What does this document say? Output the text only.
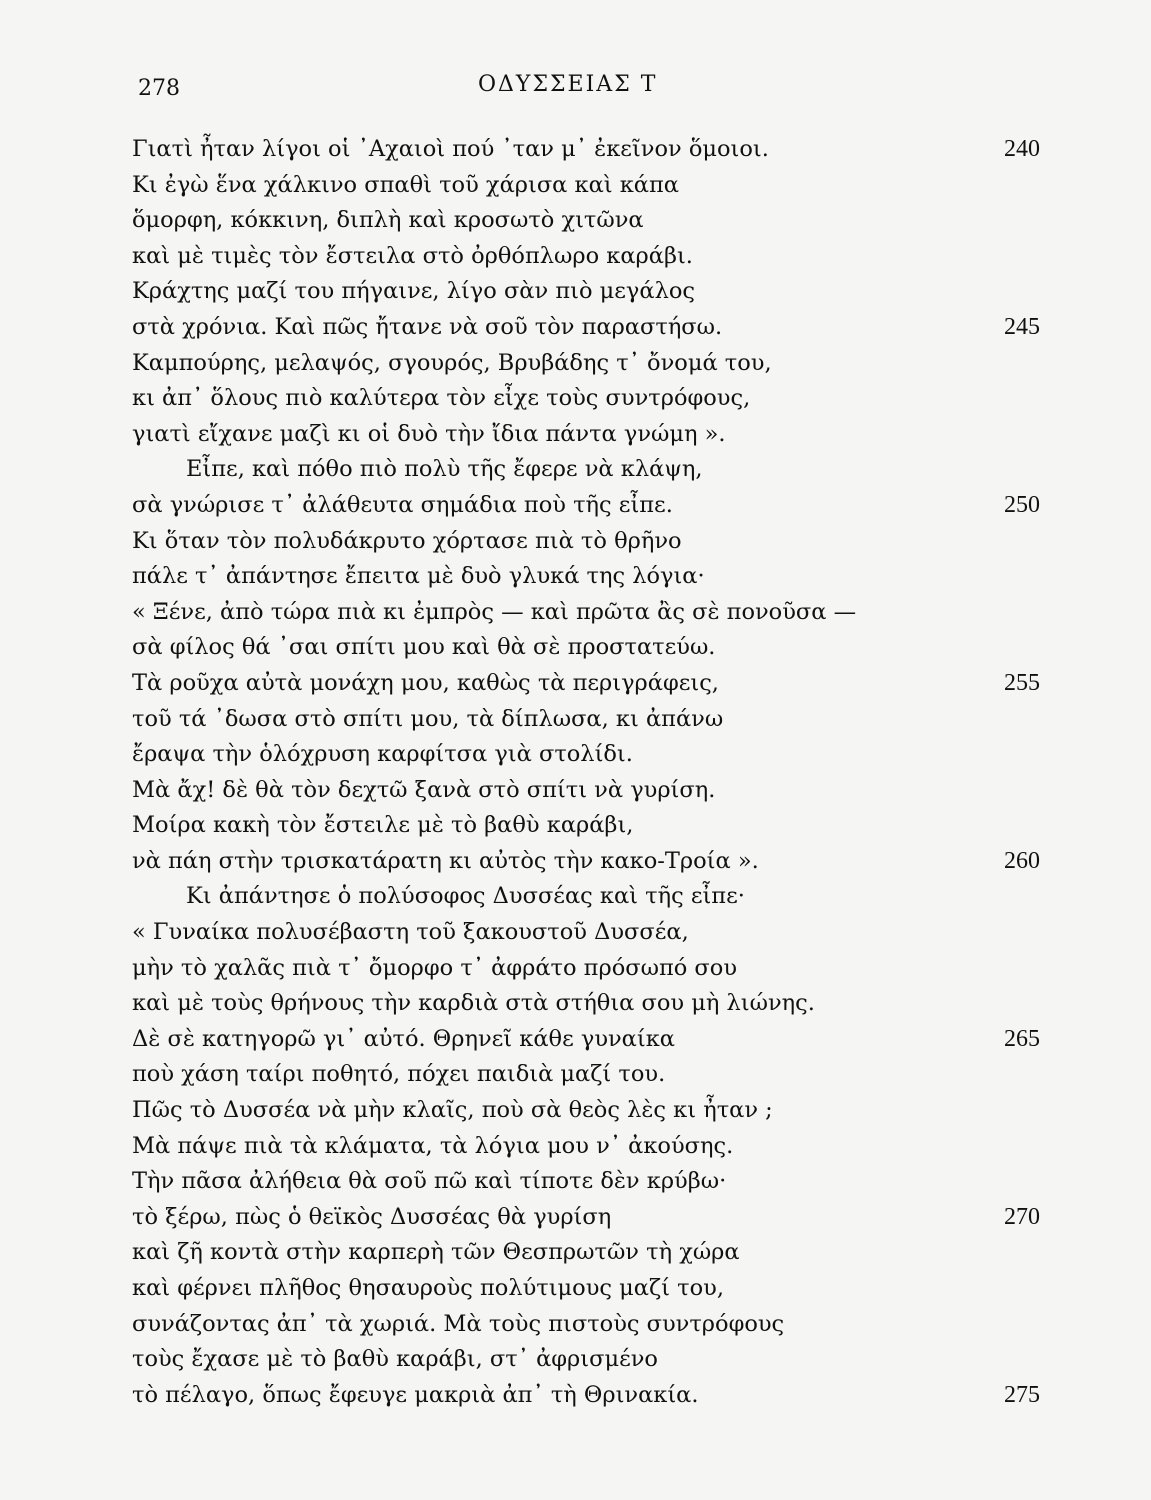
278	ΟΔΥΣΣΕΙΑΣ Τ
Γιατὶ ἦταν λίγοι οἱ ᾿Αχαιοὶ πού ᾿ταν μ᾿ ἐκεῖνον ὅμοιοι.	240
Κι ἐγὼ ἕνα χάλκινο σπαθὶ τοῦ χάρισα καὶ κάπα
ὅμορφη, κόκκινη, διπλὴ καὶ κροσωτὸ χιτῶνα
καὶ μὲ τιμὲς τὸν ἔστειλα στὸ ὀρθόπλωρο καράβι.
Κράχτης μαζί του πήγαινε, λίγο σὰν πιὸ μεγάλος
στὰ χρόνια. Καὶ πῶς ἤτανε νὰ σοῦ τὸν παραστήσω.	245
Καμπούρης, μελαψός, σγουρός, Βρυβάδης τ᾿ ὄνομά του,
κι ἀπ᾿ ὅλους πιὸ καλύτερα τὸν εἶχε τοὺς συντρόφους,
γιατὶ εἴχανε μαζὶ κι οἱ δυὸ τὴν ἴδια πάντα γνώμη ».
Εἶπε, καὶ πόθο πιὸ πολὺ τῆς ἔφερε νὰ κλάψη,
σὰ γνώρισε τ᾿ ἀλάθευτα σημάδια ποὺ τῆς εἶπε.	250
Κι ὅταν τὸν πολυδάκρυτο χόρτασε πιὰ τὸ θρῆνο
πάλε τ᾿ ἀπάντησε ἔπειτα μὲ δυὸ γλυκά της λόγια·
« Ξένε, ἀπὸ τώρα πιὰ κι ἐμπρὸς — καὶ πρῶτα ἂς σὲ πονοῦσα —
σὰ φίλος θά ᾿σαι σπίτι μου καὶ θὰ σὲ προστατεύω.
Τὰ ροῦχα αὐτὰ μονάχη μου, καθὼς τὰ περιγράφεις,	255
τοῦ τά ᾿δωσα στὸ σπίτι μου, τὰ δίπλωσα, κι ἀπάνω
ἔραψα τὴν ὁλόχρυση καρφίτσα γιὰ στολίδι.
Μὰ ἄχ! δὲ θὰ τὸν δεχτῶ ξανὰ στὸ σπίτι νὰ γυρίση.
Μοίρα κακὴ τὸν ἔστειλε μὲ τὸ βαθὺ καράβι,
νὰ πάη στὴν τρισκατάρατη κι αὐτὸς τὴν κακο-Τροία ».	260
Κι ἀπάντησε ὁ πολύσοφος Δυσσέας καὶ τῆς εἶπε·
« Γυναίκα πολυσέβαστη τοῦ ξακουστοῦ Δυσσέα,
μὴν τὸ χαλᾶς πιὰ τ᾿ ὄμορφο τ᾿ ἀφράτο πρόσωπό σου
καὶ μὲ τοὺς θρήνους τὴν καρδιὰ στὰ στήθια σου μὴ λιώνης.
Δὲ σὲ κατηγορῶ γι᾿ αὐτό. Θρηνεῖ κάθε γυναίκα	265
ποὺ χάση ταίρι ποθητό, πόχει παιδιὰ μαζί του.
Πῶς τὸ Δυσσέα νὰ μὴν κλαῖς, ποὺ σὰ θεὸς λὲς κι ἦταν ;
Μὰ πάψε πιὰ τὰ κλάματα, τὰ λόγια μου ν᾿ ἀκούσης.
Τὴν πᾶσα ἀλήθεια θὰ σοῦ πῶ καὶ τίποτε δὲν κρύβω·
τὸ ξέρω, πὼς ὁ θεϊκὸς Δυσσέας θὰ γυρίση	270
καὶ ζῆ κοντὰ στὴν καρπερὴ τῶν Θεσπρωτῶν τὴ χώρα
καὶ φέρνει πλῆθος θησαυροὺς πολύτιμους μαζί του,
συνάζοντας ἀπ᾿ τὰ χωριά. Μὰ τοὺς πιστοὺς συντρόφους
τοὺς ἔχασε μὲ τὸ βαθὺ καράβι, στ᾿ ἀφρισμένο
τὸ πέλαγο, ὅπως ἔφευγε μακριὰ ἀπ᾿ τὴ Θρινακία.	275
